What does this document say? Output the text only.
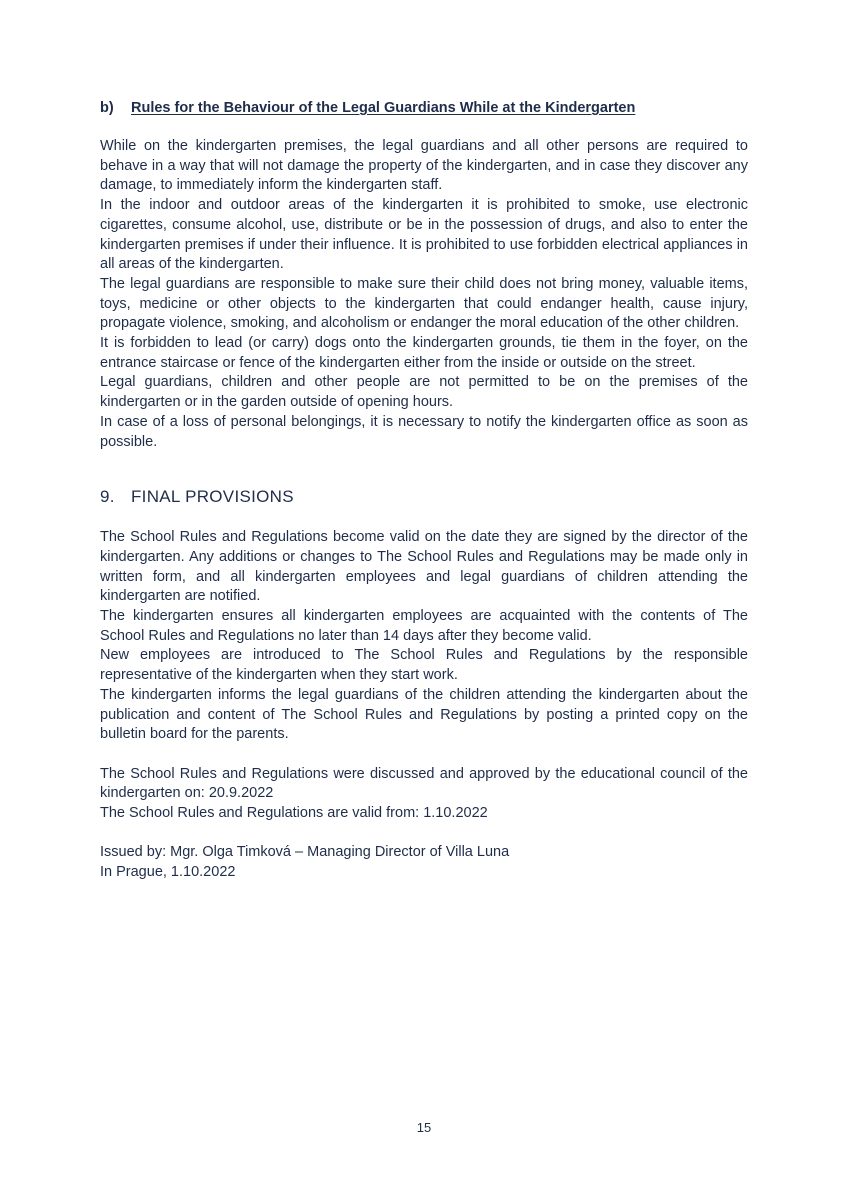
b)	Rules for the Behaviour of the Legal Guardians While at the Kindergarten

While on the kindergarten premises, the legal guardians and all other persons are required to behave in a way that will not damage the property of the kindergarten, and in case they discover any damage, to immediately inform the kindergarten staff.

In the indoor and outdoor areas of the kindergarten it is prohibited to smoke, use electronic cigarettes, consume alcohol, use, distribute or be in the possession of drugs, and also to enter the kindergarten premises if under their influence. It is prohibited to use forbidden electrical appliances in all areas of the kindergarten.

The legal guardians are responsible to make sure their child does not bring money, valuable items, toys, medicine or other objects to the kindergarten that could endanger health, cause injury, propagate violence, smoking, and alcoholism or endanger the moral education of the other children.

It is forbidden to lead (or carry) dogs onto the kindergarten grounds, tie them in the foyer, on the entrance staircase or fence of the kindergarten either from the inside or outside on the street.

Legal guardians, children and other people are not permitted to be on the premises of the kindergarten or in the garden outside of opening hours.

In case of a loss of personal belongings, it is necessary to notify the kindergarten office as soon as possible.

9. FINAL PROVISIONS

The School Rules and Regulations become valid on the date they are signed by the director of the kindergarten. Any additions or changes to The School Rules and Regulations may be made only in written form, and all kindergarten employees and legal guardians of children attending the kindergarten are notified.

The kindergarten ensures all kindergarten employees are acquainted with the contents of The School Rules and Regulations no later than 14 days after they become valid.

New employees are introduced to The School Rules and Regulations by the responsible representative of the kindergarten when they start work.

The kindergarten informs the legal guardians of the children attending the kindergarten about the publication and content of The School Rules and Regulations by posting a printed copy on the bulletin board for the parents.

The School Rules and Regulations were discussed and approved by the educational council of the kindergarten on: 20.9.2022

The School Rules and Regulations are valid from: 1.10.2022

Issued by: Mgr. Olga Timková – Managing Director of Villa Luna

In Prague, 1.10.2022

15
